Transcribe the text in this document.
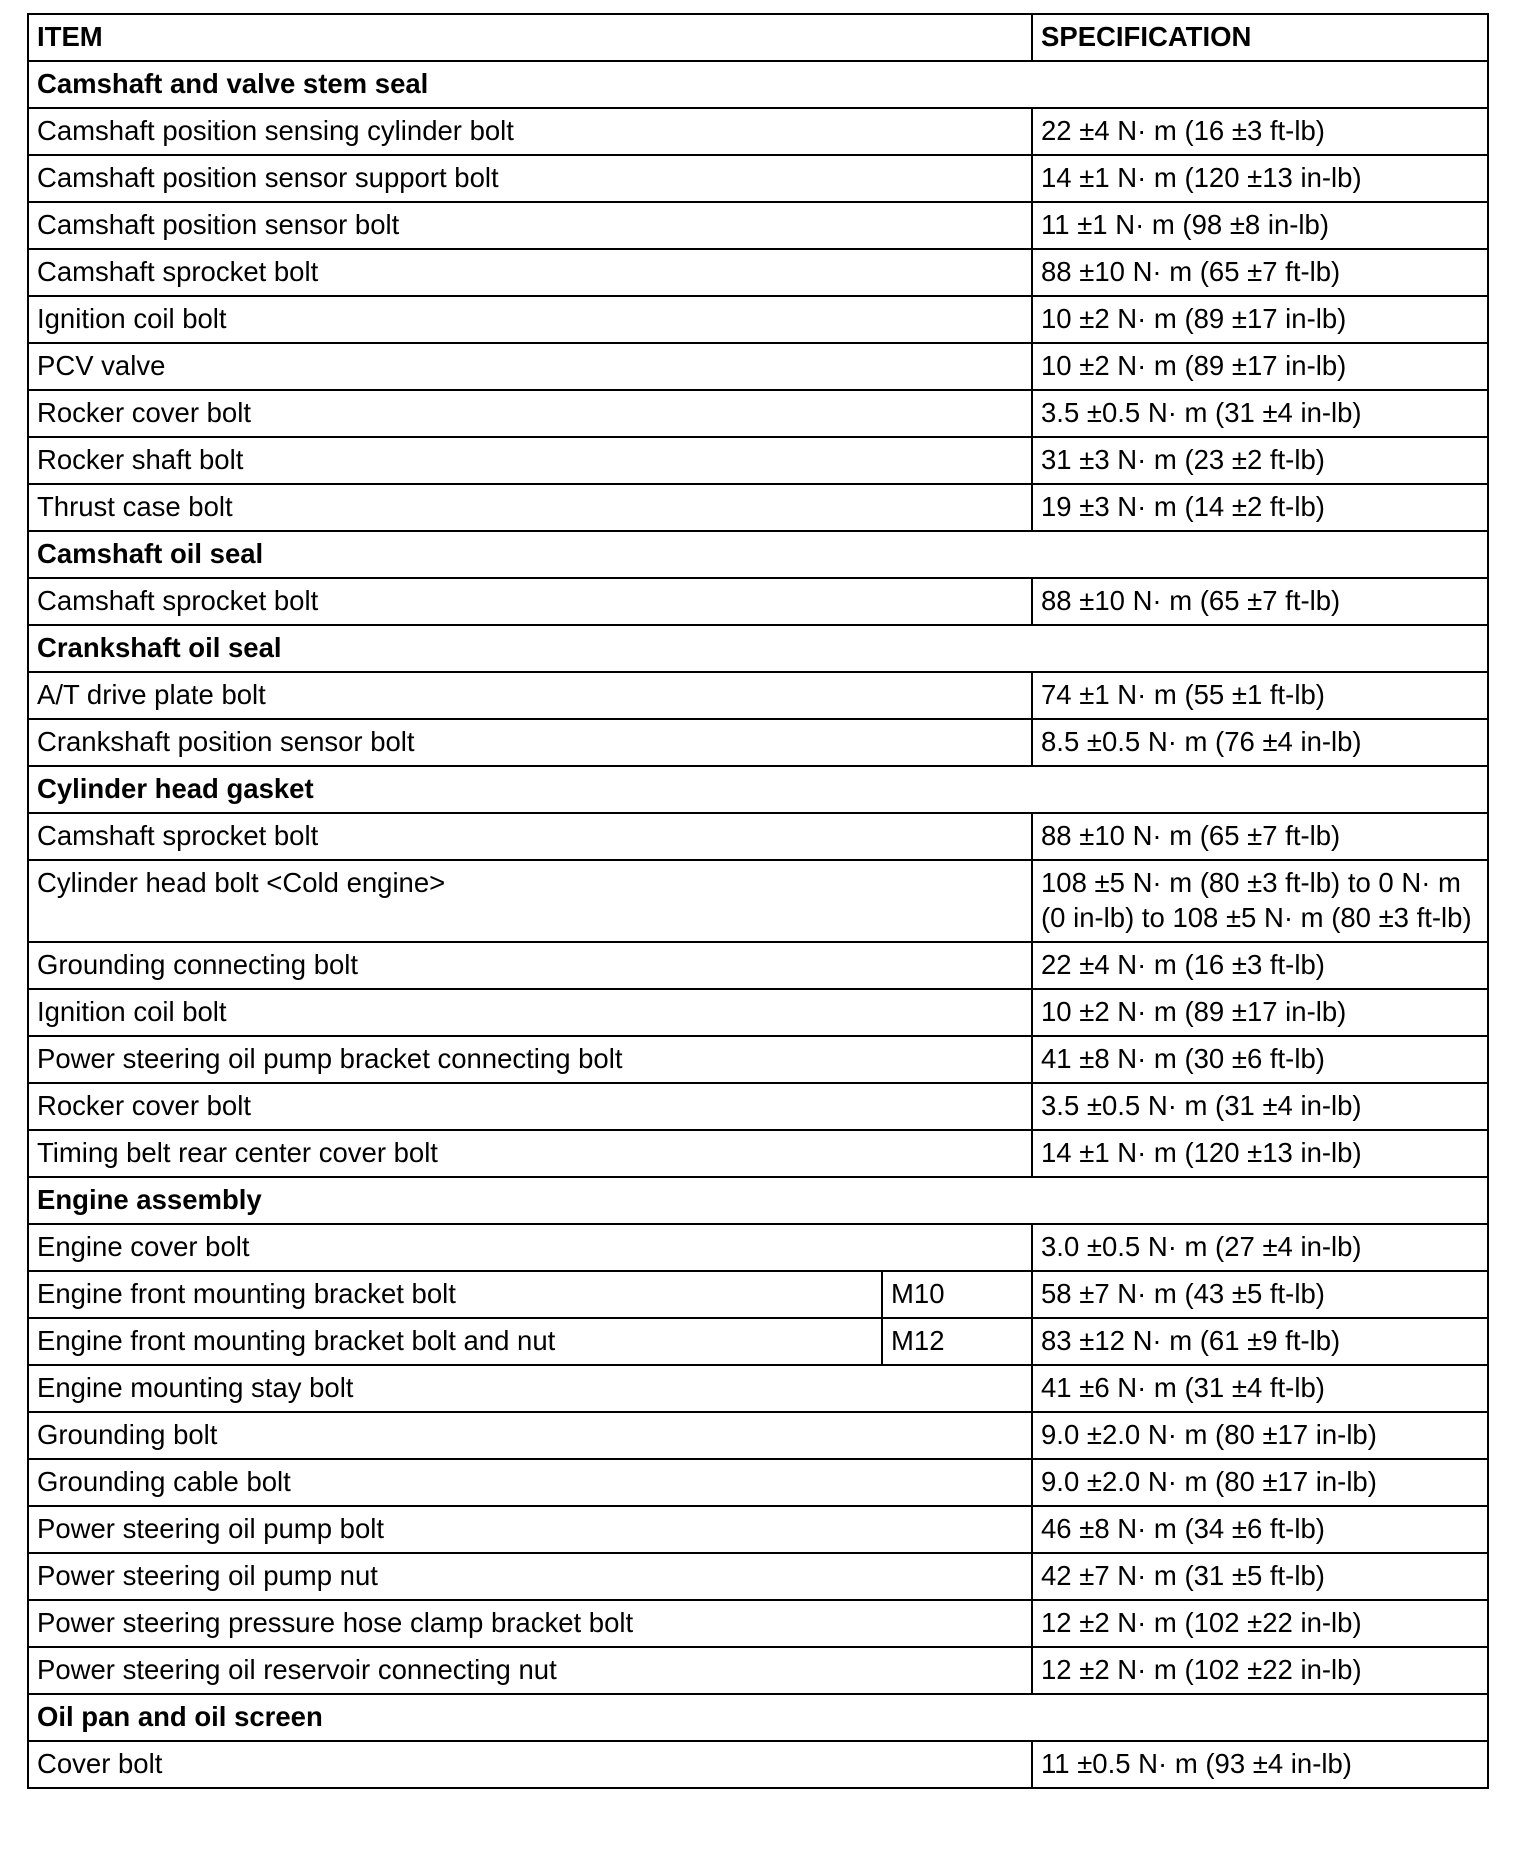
ITEM		SPECIFICATION
Camshaft and valve stem seal		
Camshaft position sensing cylinder bolt		22 ±4 N· m (16 ±3 ft-lb)
Camshaft position sensor support bolt		14 ±1 N· m (120 ±13 in-lb)
Camshaft position sensor bolt		11 ±1 N· m (98 ±8 in-lb)
Camshaft sprocket bolt		88 ±10 N· m (65 ±7 ft-lb)
Ignition coil bolt		10 ±2 N· m (89 ±17 in-lb)
PCV valve		10 ±2 N· m (89 ±17 in-lb)
Rocker cover bolt		3.5 ±0.5 N· m (31 ±4 in-lb)
Rocker shaft bolt		31 ±3 N· m (23 ±2 ft-lb)
Thrust case bolt		19 ±3 N· m (14 ±2 ft-lb)
Camshaft oil seal		
Camshaft sprocket bolt		88 ±10 N· m (65 ±7 ft-lb)
Crankshaft oil seal		
A/T drive plate bolt		74 ±1 N· m (55 ±1 ft-lb)
Crankshaft position sensor bolt		8.5 ±0.5 N· m (76 ±4 in-lb)
Cylinder head gasket		
Camshaft sprocket bolt		88 ±10 N· m (65 ±7 ft-lb)
Cylinder head bolt <Cold engine>		108 ±5 N· m (80 ±3 ft-lb) to 0 N· m (0 in-lb) to 108 ±5 N· m (80 ±3 ft-lb)
Grounding connecting bolt		22 ±4 N· m (16 ±3 ft-lb)
Ignition coil bolt		10 ±2 N· m (89 ±17 in-lb)
Power steering oil pump bracket connecting bolt		41 ±8 N· m (30 ±6 ft-lb)
Rocker cover bolt		3.5 ±0.5 N· m (31 ±4 in-lb)
Timing belt rear center cover bolt		14 ±1 N· m (120 ±13 in-lb)
Engine assembly		
Engine cover bolt		3.0 ±0.5 N· m (27 ±4 in-lb)
Engine front mounting bracket bolt	M10	58 ±7 N· m (43 ±5 ft-lb)
Engine front mounting bracket bolt and nut	M12	83 ±12 N· m (61 ±9 ft-lb)
Engine mounting stay bolt		41 ±6 N· m (31 ±4 ft-lb)
Grounding bolt		9.0 ±2.0 N· m (80 ±17 in-lb)
Grounding cable bolt		9.0 ±2.0 N· m (80 ±17 in-lb)
Power steering oil pump bolt		46 ±8 N· m (34 ±6 ft-lb)
Power steering oil pump nut		42 ±7 N· m (31 ±5 ft-lb)
Power steering pressure hose clamp bracket bolt		12 ±2 N· m (102 ±22 in-lb)
Power steering oil reservoir connecting nut		12 ±2 N· m (102 ±22 in-lb)
Oil pan and oil screen		
Cover bolt		11 ±0.5 N· m (93 ±4 in-lb)
